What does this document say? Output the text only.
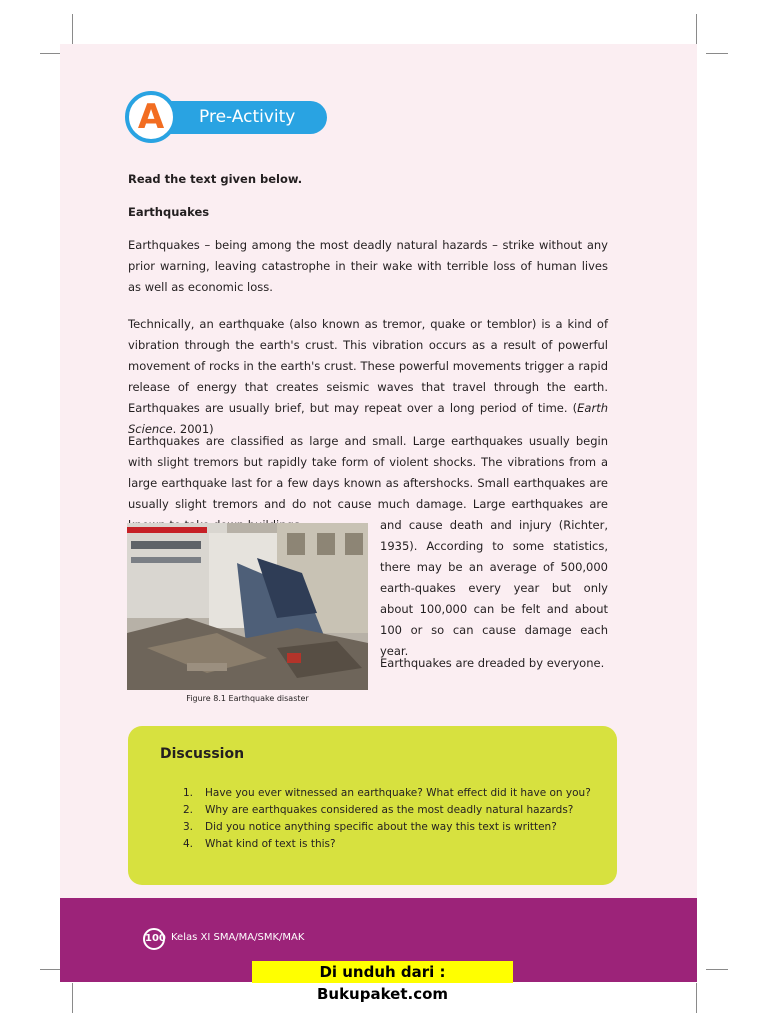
Pre-Activity
A
Read the text given below.
Earthquakes
Earthquakes – being among the most deadly natural hazards – strike without any prior warning, leaving catastrophe in their wake with terrible loss of human lives as well as economic loss.
Technically, an earthquake (also known as tremor, quake or temblor) is a kind of vibration through the earth's crust. This vibration occurs as a result of powerful movement of rocks in the earth's crust. These powerful movements trigger a rapid release of energy that creates seismic waves that travel through the earth. Earthquakes are usually brief, but may repeat over a long period of time. (Earth Science. 2001)
Earthquakes are classified as large and small. Large earthquakes usually begin with slight tremors but rapidly take form of violent shocks. The vibrations from a large earthquake last for a few days known as aftershocks. Small earthquakes are usually slight tremors and do not cause much damage. Large earthquakes are
and cause death and injury (Richter, 1935). According to some statistics, there may be an average of 500,000 earth-quakes every year but only about 100,000 can be felt and about 100 or so can cause damage each year.
Earthquakes are dreaded by everyone.
Figure 8.1 Earthquake disaster
Discussion
1. Have you ever witnessed an earthquake? What effect did it have on you?
2. Why are earthquakes considered as the most deadly natural hazards?
3. Did you notice anything specific about the way this text is written?
4. What kind of text is this?
100 Kelas XI SMA/MA/SMK/MAK
Di unduh dari : Bukupaket.com
